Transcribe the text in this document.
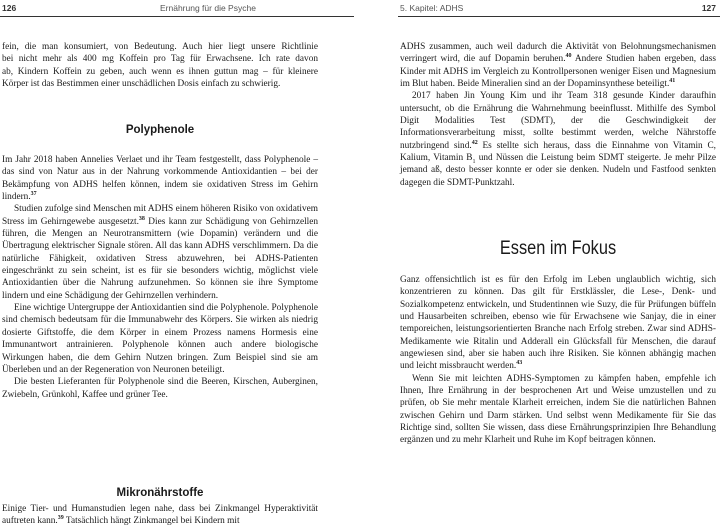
126	Ernährung für die Psyche
fein, die man konsumiert, von Bedeutung. Auch hier liegt unsere Richtlinie
bei nicht mehr als 400 mg Koffein pro Tag für Erwachsene. Ich rate davon
ab, Kindern Koffein zu geben, auch wenn es ihnen guttun mag – für kleinere
Körper ist das Bestimmen einer unschädlichen Dosis einfach zu schwierig.
Polyphenole

Im Jahr 2018 haben Annelies Verlaet und ihr Team festgestellt, dass Polyphenole – das sind von Natur aus in der Nahrung vorkommende Antioxidantien – bei der Bekämpfung von ADHS helfen können, indem sie oxidativen Stress im Gehirn lindern.$^{37}$

Studien zufolge sind Menschen mit ADHS einem höheren Risiko von oxidativem Stress im Gehirngewebe ausgesetzt.$^{38}$ Dies kann zur Schädigung von Gehirnzellen führen, die Mengen an Neurotransmittern (wie Dopamin) verändern und die Übertragung elektrischer Signale stören. All das kann ADHS verschlimmern. Da die natürliche Fähigkeit, oxidativen Stress abzuwehren, bei ADHS-Patienten eingeschränkt zu sein scheint, ist es für sie besonders wichtig, möglichst viele Antioxidantien über die Nahrung aufzunehmen. So können sie ihre Symptome lindern und eine Schädigung der Gehirnzellen verhindern.

Eine wichtige Untergruppe der Antioxidantien sind die Polyphenole. Polyphenole sind chemisch bedeutsam für die Immunabwehr des Körpers. Sie wirken als niedrig dosierte Giftstoffe, die dem Körper in einem Prozess namens Hormesis eine Immunantwort antrainieren. Polyphenole können auch andere biologische Wirkungen haben, die dem Gehirn Nutzen bringen. Zum Beispiel sind sie am Überleben und an der Regeneration von Neuronen beteiligt.

Die besten Lieferanten für Polyphenole sind die Beeren, Kirschen, Auberginen, Zwiebeln, Grünkohl, Kaffee und grüner Tee.

Mikronährstoffe

Einige Tier- und Humanstudien legen nahe, dass bei Zinkmangel Hyperaktivität auftreten kann.$^{39}$ Tatsächlich hängt Zinkmangel bei Kindern mit

5. Kapitel: ADHS	127

ADHS zusammen, auch weil dadurch die Aktivität von Belohnungsmechanismen verringert wird, die auf Dopamin beruhen.$^{40}$ Andere Studien haben ergeben, dass Kinder mit ADHS im Vergleich zu Kontrollpersonen weniger Eisen und Magnesium im Blut haben. Beide Mineralien sind an der Dopaminsynthese beteiligt.$^{41}$

2017 haben Jin Young Kim und ihr Team 318 gesunde Kinder daraufhin untersucht, ob die Ernährung die Wahrnehmung beeinflusst. Mithilfe des Symbol Digit Modalities Test (SDMT), der die Geschwindigkeit der Informationsverarbeitung misst, sollte bestimmt werden, welche Nährstoffe nutzbringend sind.$^{42}$ Es stellte sich heraus, dass die Einnahme von Vitamin C, Kalium, Vitamin $B_1$ und Nüssen die Leistung beim SDMT steigerte. Je mehr Pilze jemand aß, desto besser konnte er oder sie denken. Nudeln und Fastfood senkten dagegen die SDMT-Punktzahl.

Essen im Fokus

Ganz offensichtlich ist es für den Erfolg im Leben unglaublich wichtig, sich konzentrieren zu können. Das gilt für Erstklässler, die Lese-, Denk- und Sozialkompetenz entwickeln, und Studentinnen wie Suzy, die für Prüfungen büffeln und Hausarbeiten schreiben, ebenso wie für Erwachsene wie Sanjay, die in einer temporeichen, leistungsorientierten Branche nach Erfolg streben. Zwar sind ADHS-Medikamente wie Ritalin und Adderall ein Glücksfall für Menschen, die darauf angewiesen sind, aber sie haben auch ihre Risiken. Sie können abhängig machen und leicht missbraucht werden.$^{43}$

Wenn Sie mit leichten ADHS-Symptomen zu kämpfen haben, empfehle ich Ihnen, Ihre Ernährung in der besprochenen Art und Weise umzustellen und zu prüfen, ob Sie mehr mentale Klarheit erreichen, indem Sie die natürlichen Bahnen zwischen Gehirn und Darm stärken. Und selbst wenn Medikamente für Sie das Richtige sind, sollten Sie wissen, dass diese Ernährungsprinzipien Ihre Behandlung ergänzen und zu mehr Klarheit und Ruhe im Kopf beitragen können.
